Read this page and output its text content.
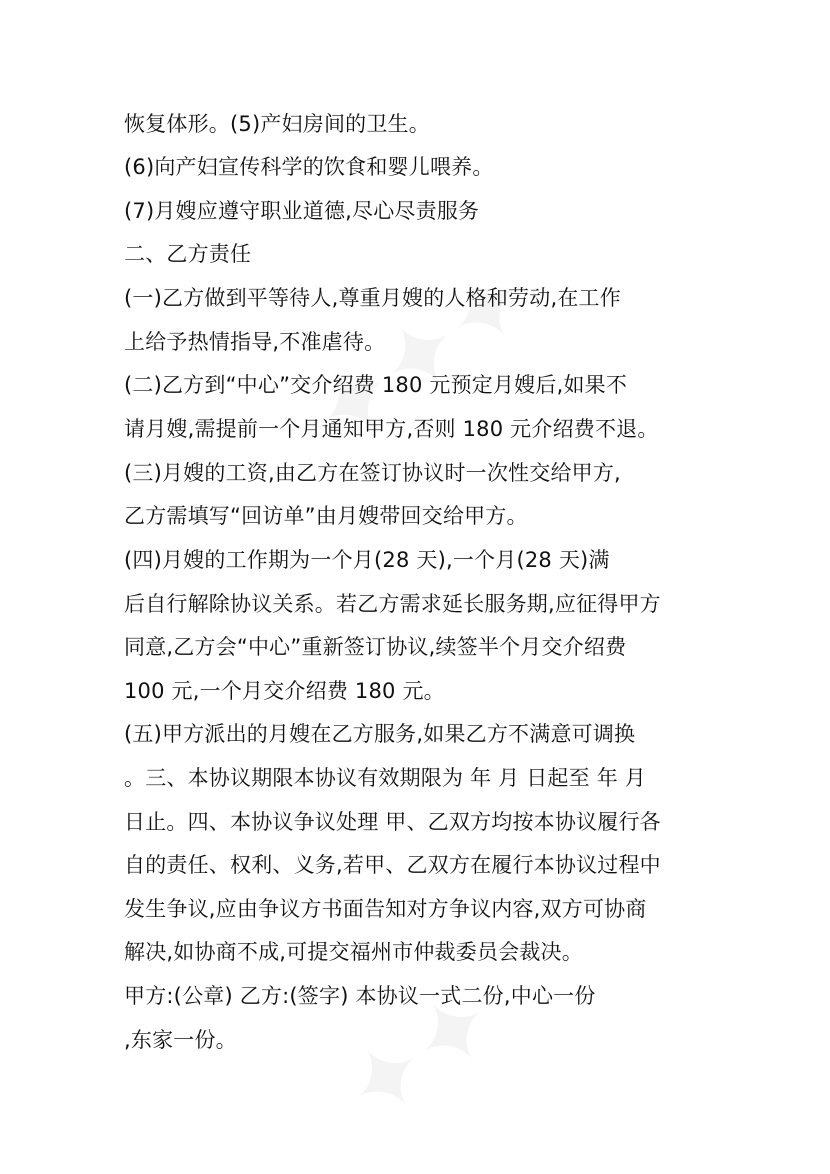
恢复体形。(5)产妇房间的卫生。
(6)向产妇宣传科学的饮食和婴儿喂养。
(7)月嫂应遵守职业道德,尽心尽责服务
二、乙方责任
(一)乙方做到平等待人,尊重月嫂的人格和劳动,在工作
上给予热情指导,不准虐待。
(二)乙方到“中心”交介绍费 180 元预定月嫂后,如果不
请月嫂,需提前一个月通知甲方,否则 180 元介绍费不退。
(三)月嫂的工资,由乙方在签订协议时一次性交给甲方,
乙方需填写“回访单”由月嫂带回交给甲方。
(四)月嫂的工作期为一个月(28 天),一个月(28 天)满
后自行解除协议关系。若乙方需求延长服务期,应征得甲方
同意,乙方会“中心”重新签订协议,续签半个月交介绍费
100 元,一个月交介绍费 180 元。
(五)甲方派出的月嫂在乙方服务,如果乙方不满意可调换
。三、本协议期限本协议有效期限为 年 月 日起至 年 月
日止。四、本协议争议处理 甲、乙双方均按本协议履行各
自的责任、权利、义务,若甲、乙双方在履行本协议过程中
发生争议,应由争议方书面告知对方争议内容,双方可协商
解决,如协商不成,可提交福州市仲裁委员会裁决。
甲方:(公章) 乙方:(签字) 本协议一式二份,中心一份
,东家一份。
